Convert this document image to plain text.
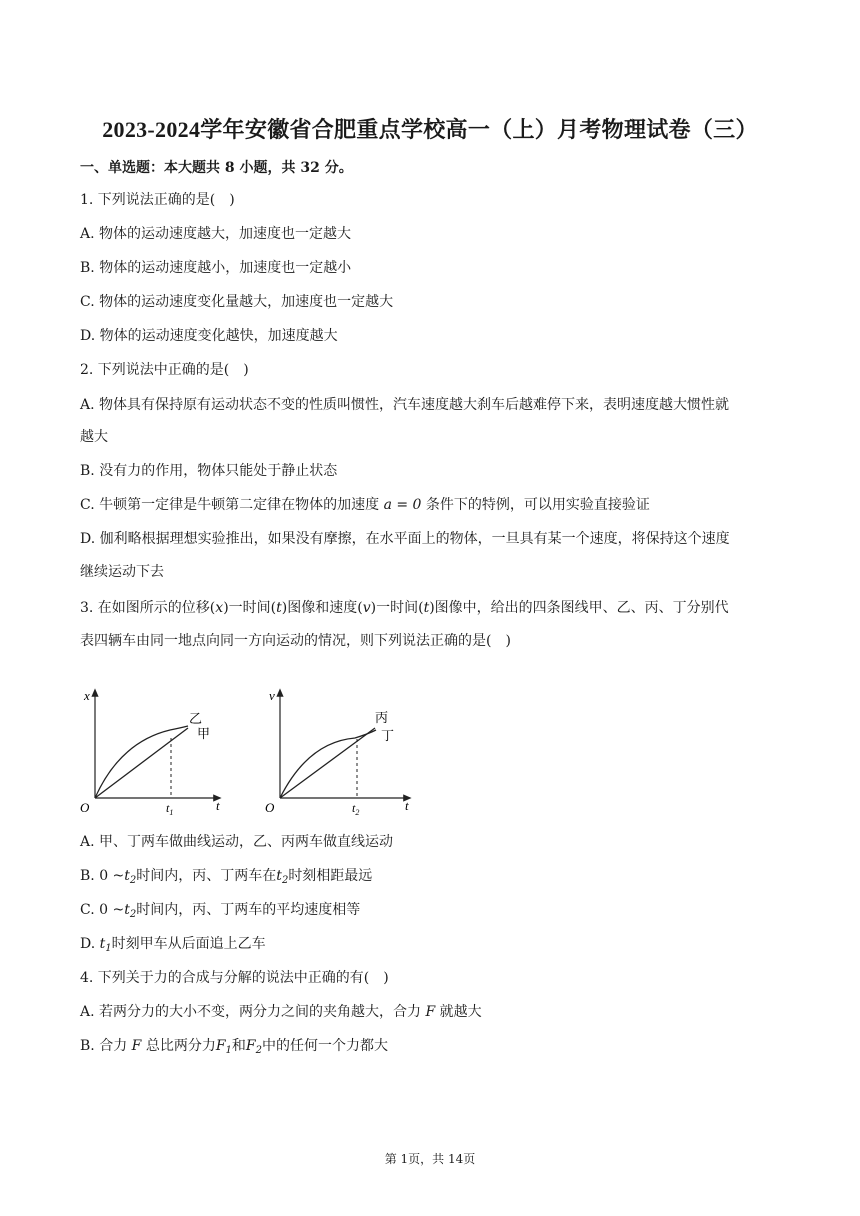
2023-2024学年安徽省合肥重点学校高一（上）月考物理试卷（三）
一、单选题：本大题共 8 小题，共 32 分。
1. 下列说法正确的是(　)
A. 物体的运动速度越大，加速度也一定越大
B. 物体的运动速度越小，加速度也一定越小
C. 物体的运动速度变化量越大，加速度也一定越大
D. 物体的运动速度变化越快，加速度越大
2. 下列说法中正确的是(　)
A. 物体具有保持原有运动状态不变的性质叫惯性，汽车速度越大刹车后越难停下来，表明速度越大惯性就
越大
B. 没有力的作用，物体只能处于静止状态
C. 牛顿第一定律是牛顿第二定律在物体的加速度 a = 0 条件下的特例，可以用实验直接验证
D. 伽利略根据理想实验推出，如果没有摩擦，在水平面上的物体，一旦具有某一个速度，将保持这个速度
继续运动下去
3. 在如图所示的位移(x)一时间(t)图像和速度(v)一时间(t)图像中，给出的四条图线甲、乙、丙、丁分别代
表四辆车由同一地点向同一方向运动的情况，则下列说法正确的是(　)
x
t
O	$t_1$
乙
甲
v
t
O	$t_2$
丙
丁
A. 甲、丁两车做曲线运动，乙、丙两车做直线运动
B. 0 $\sim t_2$时间内，丙、丁两车在$t_2$时刻相距最远
C. 0 $\sim t_2$时间内，丙、丁两车的平均速度相等
D. $t_1$时刻甲车从后面追上乙车
4. 下列关于力的合成与分解的说法中正确的有(　)
A. 若两分力的大小不变，两分力之间的夹角越大，合力 F 就越大
B. 合力 F 总比两分力$F_1$和$F_2$中的任何一个力都大
第 1页，共 14页
